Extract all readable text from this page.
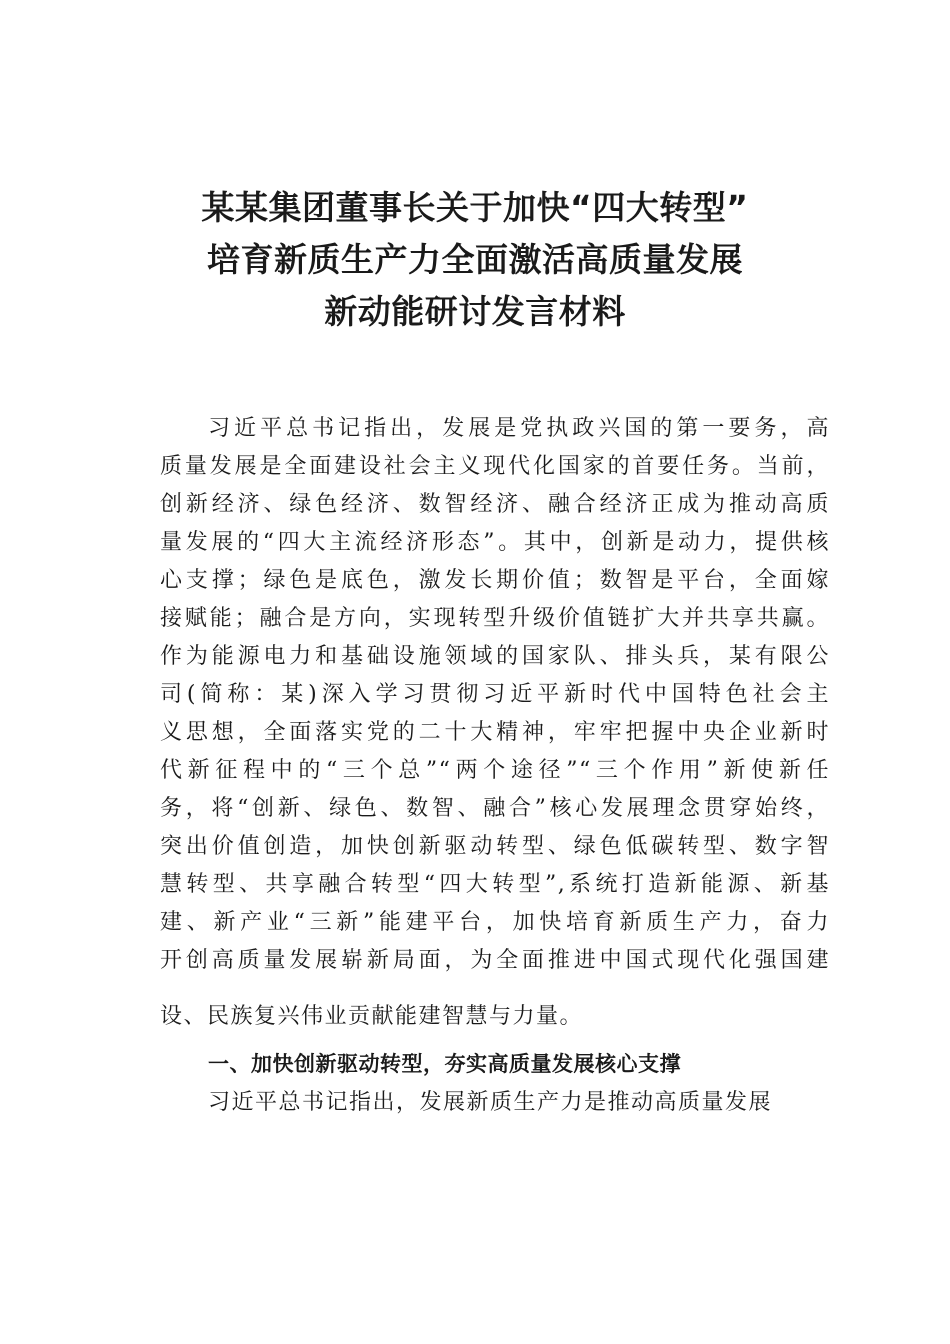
某某集团董事长关于加快“四大转型”
培育新质生产力全面激活高质量发展
新动能研讨发言材料
习近平总书记指出，发展是党执政兴国的第一要务，高
质量发展是全面建设社会主义现代化国家的首要任务。当前，
创新经济、绿色经济、数智经济、融合经济正成为推动高质
量发展的“四大主流经济形态”。其中，创新是动力，提供核
心支撑；绿色是底色，激发长期价值；数智是平台，全面嫁
接赋能；融合是方向，实现转型升级价值链扩大并共享共赢。
作为能源电力和基础设施领域的国家队、排头兵，某有限公
司(简称：某)深入学习贯彻习近平新时代中国特色社会主
义思想，全面落实党的二十大精神，牢牢把握中央企业新时
代新征程中的“三个总”“两个途径”“三个作用”新使新任
务，将“创新、绿色、数智、融合”核心发展理念贯穿始终，
突出价值创造，加快创新驱动转型、绿色低碳转型、数字智
慧转型、共享融合转型“四大转型”,系统打造新能源、新基
建、新产业“三新”能建平台，加快培育新质生产力，奋力
开创高质量发展崭新局面，为全面推进中国式现代化强国建
设、民族复兴伟业贡献能建智慧与力量。
一、加快创新驱动转型，夯实高质量发展核心支撑
习近平总书记指出，发展新质生产力是推动高质量发展
